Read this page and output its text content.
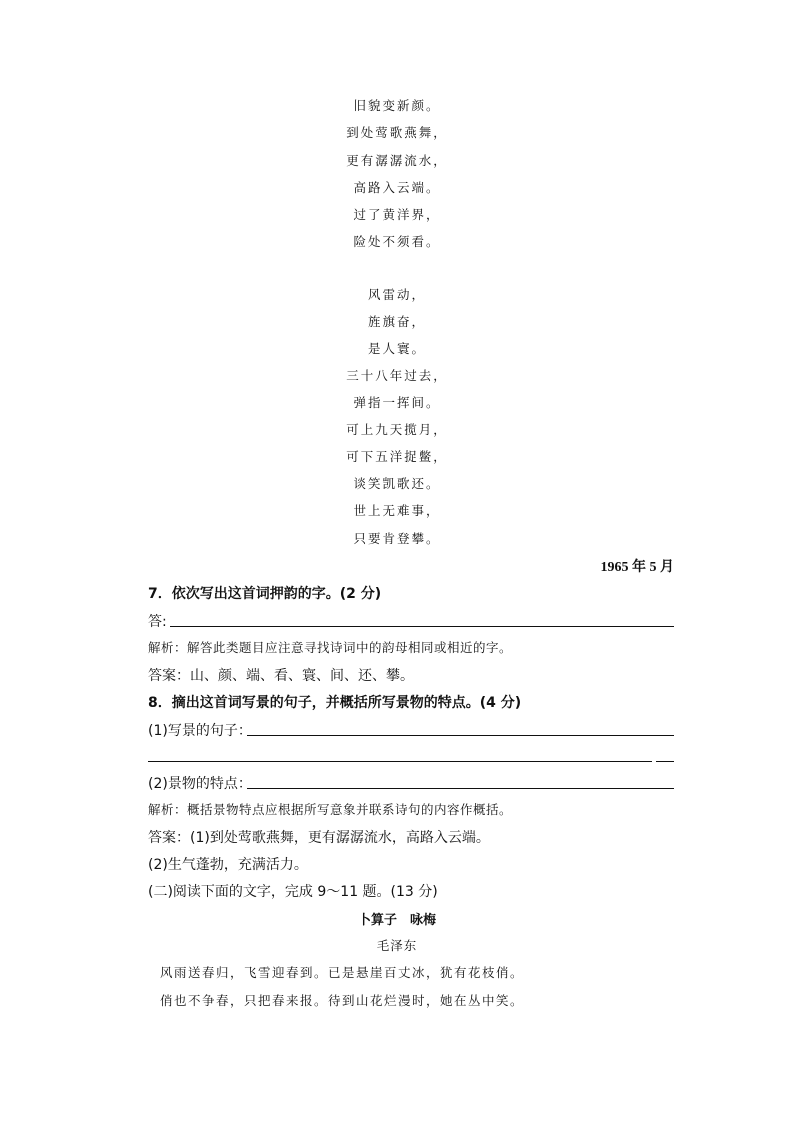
旧貌变新颜。
到处莺歌燕舞，
更有潺潺流水，
高路入云端。
过了黄洋界，
险处不须看。
风雷动，
旌旗奋，
是人寰。
三十八年过去，
弹指一挥间。
可上九天揽月，
可下五洋捉鳖，
谈笑凯歌还。
世上无难事，
只要肯登攀。
1965 年 5 月
7．依次写出这首词押韵的字。(2 分)
答:
解析：解答此类题目应注意寻找诗词中的韵母相同或相近的字。
答案：山、颜、端、看、寰、间、还、攀。
8．摘出这首词写景的句子，并概括所写景物的特点。(4 分)
(1)写景的句子：
(2)景物的特点：
解析：概括景物特点应根据所写意象并联系诗句的内容作概括。
答案：(1)到处莺歌燕舞，更有潺潺流水，高路入云端。
(2)生气蓬勃，充满活力。
(二)阅读下面的文字，完成 9～11 题。(13 分)
卜算子　咏梅
毛泽东
风雨送春归，飞雪迎春到。已是悬崖百丈冰，犹有花枝俏。
俏也不争春，只把春来报。待到山花烂漫时，她在丛中笑。
